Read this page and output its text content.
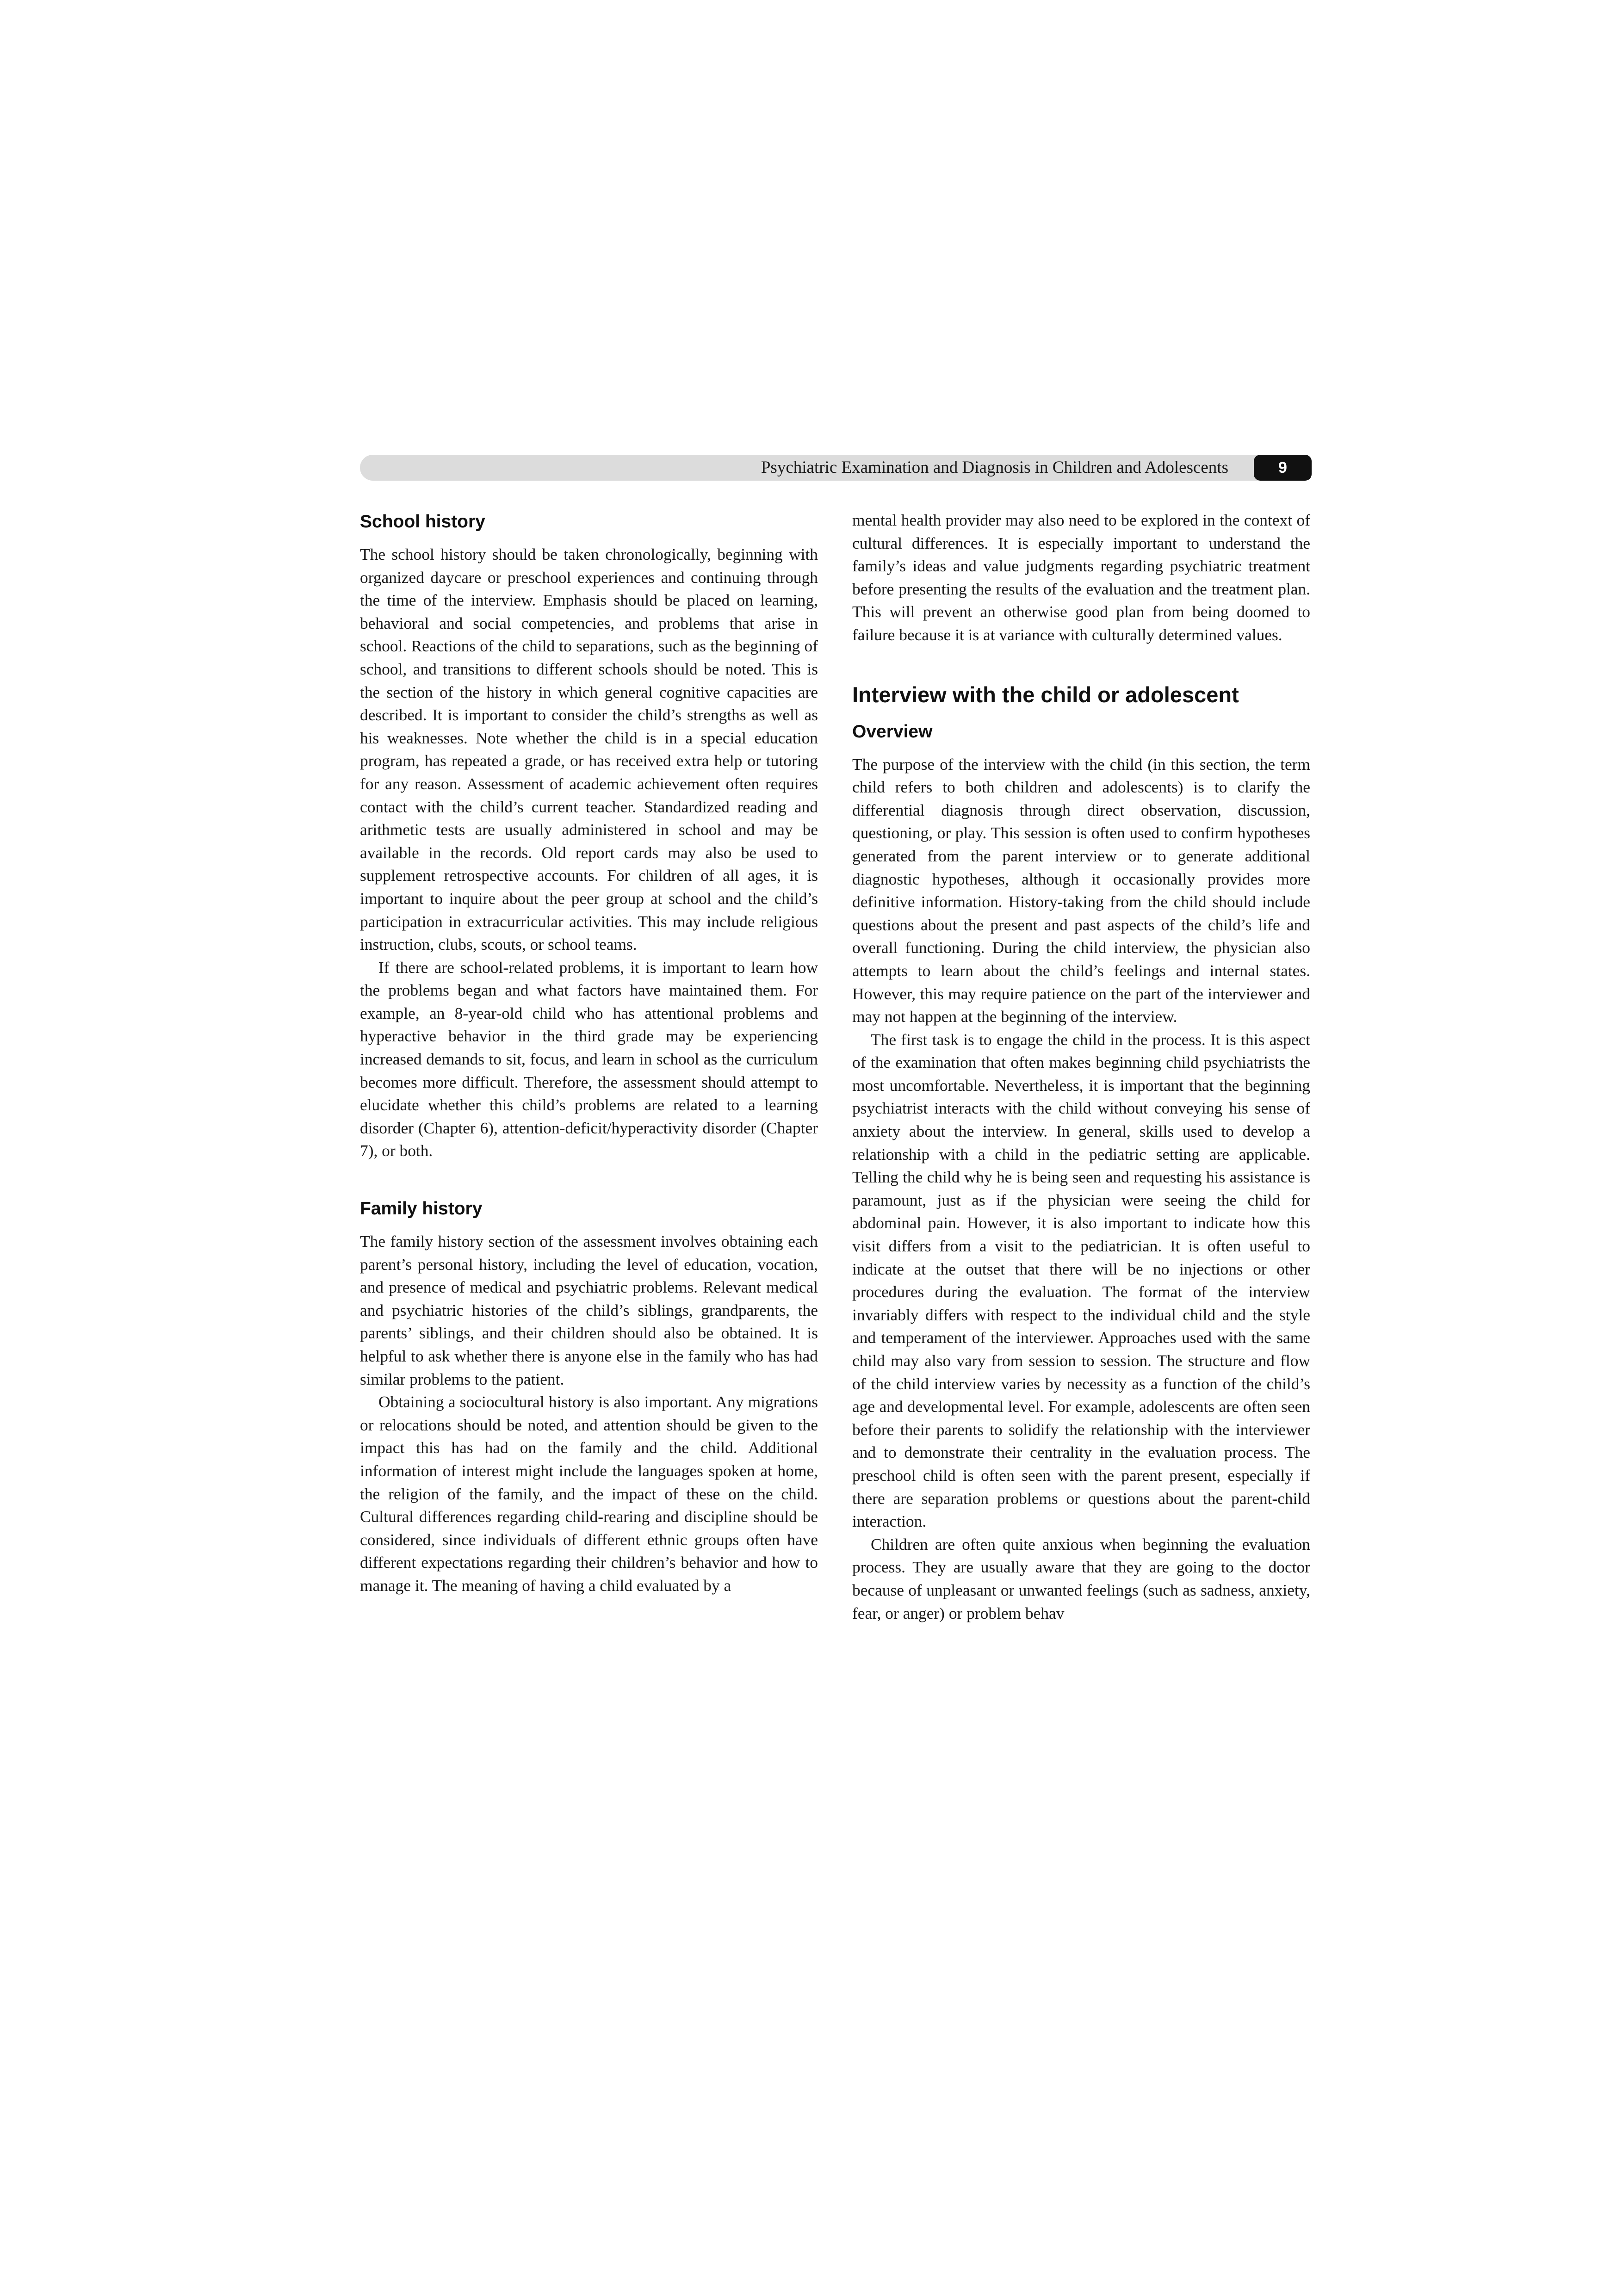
Psychiatric Examination and Diagnosis in Children and Adolescents	9
School history

The school history should be taken chronologically, beginning with organized daycare or preschool experiences and continuing through the time of the interview. Emphasis should be placed on learning, behavioral and social competencies, and problems that arise in school. Reactions of the child to separations, such as the beginning of school, and transitions to different schools should be noted. This is the section of the history in which general cognitive capacities are described. It is important to consider the child’s strengths as well as his weaknesses. Note whether the child is in a special education program, has repeated a grade, or has received extra help or tutoring for any reason. Assessment of academic achievement often requires contact with the child’s current teacher. Standardized reading and arithmetic tests are usually administered in school and may be available in the records. Old report cards may also be used to supplement retrospective accounts. For children of all ages, it is important to inquire about the peer group at school and the child’s participation in extracurricular activities. This may include religious instruction, clubs, scouts, or school teams.

If there are school-related problems, it is important to learn how the problems began and what factors have maintained them. For example, an 8-year-old child who has attentional problems and hyperactive behavior in the third grade may be experiencing increased demands to sit, focus, and learn in school as the curriculum becomes more difficult. Therefore, the assessment should attempt to elucidate whether this child’s problems are related to a learning disorder (Chapter 6), attention-deficit/hyperactivity disorder (Chapter 7), or both.

Family history

The family history section of the assessment involves obtaining each parent’s personal history, including the level of education, vocation, and presence of medical and psychiatric problems. Relevant medical and psychiatric histories of the child’s siblings, grandparents, the parents’ siblings, and their children should also be obtained. It is helpful to ask whether there is anyone else in the family who has had similar problems to the patient.

Obtaining a sociocultural history is also important. Any migrations or relocations should be noted, and attention should be given to the impact this has had on the family and the child. Additional information of interest might include the languages spoken at home, the religion of the family, and the impact of these on the child. Cultural differences regarding child-rearing and discipline should be considered, since individuals of different ethnic groups often have different expectations regarding their children’s behavior and how to manage it. The meaning of having a child evaluated by a

mental health provider may also need to be explored in the context of cultural differences. It is especially important to understand the family’s ideas and value judgments regarding psychiatric treatment before presenting the results of the evaluation and the treatment plan. This will prevent an otherwise good plan from being doomed to failure because it is at variance with culturally determined values.

Interview with the child or adolescent
Overview

The purpose of the interview with the child (in this section, the term child refers to both children and adolescents) is to clarify the differential diagnosis through direct observation, discussion, questioning, or play. This session is often used to confirm hypotheses generated from the parent interview or to generate additional diagnostic hypotheses, although it occasionally provides more definitive information. History-taking from the child should include questions about the present and past aspects of the child’s life and overall functioning. During the child interview, the physician also attempts to learn about the child’s feelings and internal states. However, this may require patience on the part of the interviewer and may not happen at the beginning of the interview.

The first task is to engage the child in the process. It is this aspect of the examination that often makes beginning child psychiatrists the most uncomfortable. Nevertheless, it is important that the beginning psychiatrist interacts with the child without conveying his sense of anxiety about the interview. In general, skills used to develop a relationship with a child in the pediatric setting are applicable. Telling the child why he is being seen and requesting his assistance is paramount, just as if the physician were seeing the child for abdominal pain. However, it is also important to indicate how this visit differs from a visit to the pediatrician. It is often useful to indicate at the outset that there will be no injections or other procedures during the evaluation. The format of the interview invariably differs with respect to the individual child and the style and temperament of the interviewer. Approaches used with the same child may also vary from session to session. The structure and flow of the child interview varies by necessity as a function of the child’s age and developmental level. For example, adolescents are often seen before their parents to solidify the relationship with the interviewer and to demonstrate their centrality in the evaluation process. The preschool child is often seen with the parent present, especially if there are separation problems or questions about the parent-child interaction.

Children are often quite anxious when beginning the evaluation process. They are usually aware that they are going to the doctor because of unpleasant or unwanted feelings (such as sadness, anxiety, fear, or anger) or problem behav
